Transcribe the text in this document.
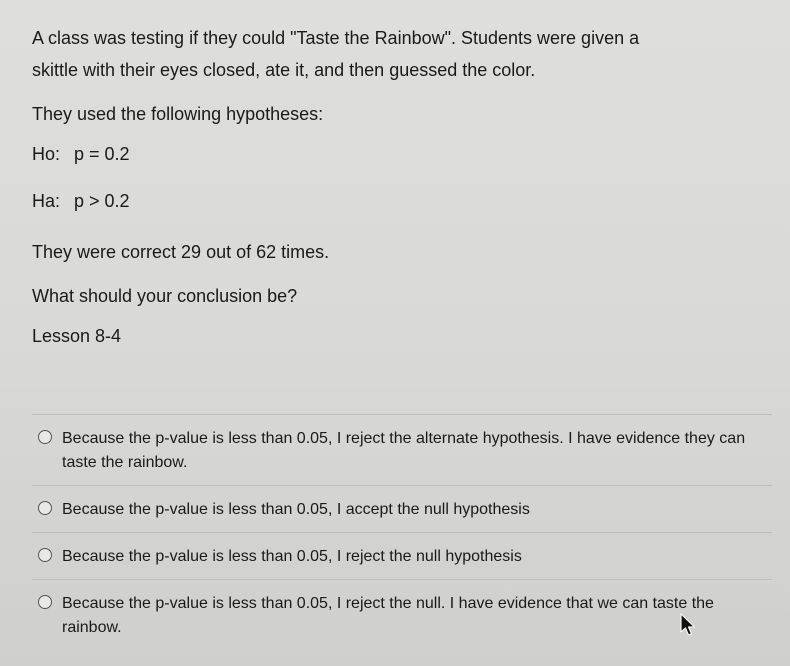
A class was testing if they could "Taste the Rainbow". Students were given a

skittle with their eyes closed, ate it, and then guessed the color.

They used the following hypotheses:

Ho: p = 0.2
Ha: p > 0.2

They were correct 29 out of 62 times.

What should your conclusion be?

Lesson 8-4
Because the p-value is less than 0.05, I reject the alternate hypothesis. I have evidence they can taste the rainbow.
Because the p-value is less than 0.05, I accept the null hypothesis
Because the p-value is less than 0.05, I reject the null hypothesis
Because the p-value is less than 0.05, I reject the null. I have evidence that we can taste the rainbow.
